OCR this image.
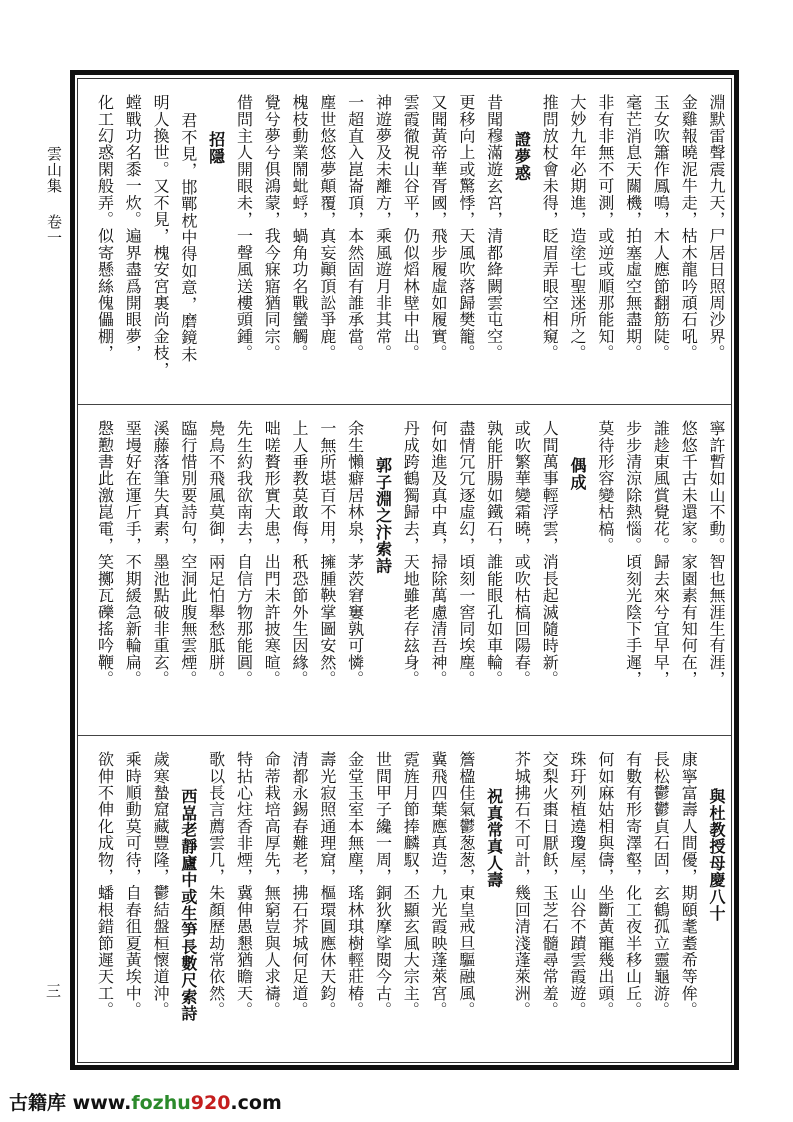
雲山集 卷一
三
淵默雷聲震九天，尸居日照周沙界。
金雞報曉泥牛走，枯木龍吟頑石吼。
玉女吹簫作鳳鳴，木人應節翻筋陡。
毫芒消息天關機，拍塞虛空無盡期。
非有非無不可測，或逆或順那能知。
大妙九年必期進，造塗七聖迷所之。
推問放杖會未得，眨眉弄眼空相窺。
證夢惑
昔聞穆滿遊玄宮，清都絳闕雲屯空。
更移向上或驚悸，天風吹落歸樊籠。
又聞黃帝華胥國，飛步履虛如履實。
雲霞徹視山谷平，仍似熖林壁中出。
神遊夢及未離方，乘風遊月非其常。
一超直入崑崙頂，本然固有誰承當。
塵世悠悠夢顛覆，真妄顚頂訟爭鹿。
槐枝動業鬧蚍蜉，蝸角功名戰蠻觸。
覺兮夢兮俱鴻蒙，我今寐寤猶同宗。
借問主人開眼未，一聲風送樓頭鍾。
招隱
君不見，邯鄲枕中得如意，磨鏡未
明人換世。又不見，槐安宮裏尚金枝，
螳戰功名黍一炊。遍界盡爲開眼夢，
化工幻惑閑般弄。似寄懸絲傀儡棚，
寧許暫如山不動。智也無涯生有涯，
悠悠千古未還家。家園素有知何在，
誰趁東風賞覺花。歸去來兮宜早早，
步步清涼除熱惱。頃刻光陰下手遲，
莫待形容變枯槁。
偶成
人間萬事輕浮雲，消長起滅隨時新。
或吹繁華變霜曉，或吹枯槁回陽春。
孰能肝腸如鐵石，誰能眼孔如車輪。
盡情冗冗逐虛幻，頃刻一窖同埃塵。
何如進及真中真，掃除萬慮清吾神。
丹成跨鶴獨歸去，天地雖老存玆身。
郭子淵之汴索詩
余生懶癖居林泉，茅茨窘窶孰可憐。
一無所堪百不用，擁腫鞅掌圖安然。
上人垂教莫敢侮，秖恐節外生因緣。
咄嗟贅形實大患，出門未許披寒暄。
先生約我欲南去，自信方物那能圓。
鳧鳥不飛風莫御，兩足怕舉愁胝胼。
臨行惜別要詩句，空洞此腹無雲煙。
溪藤落筆失真素，墨池點破非重玄。
堊墁好在運斤手，不期緩急新輪扁。
慇懃書此激崑電，笑擲瓦礫搖吟鞭。
與杜教授母慶八十
康寧富壽人間優，期頤耄耋希等侔。
長松鬱鬱貞石固，玄鶴孤立靈龜游。
有數有形寄澤壑，化工夜半移山丘。
何如麻姑相與儔，坐斷黃寵幾出頭。
珠玗列植遶瓊屋，山谷不蹟雲霞遊。
交梨火棗日厭飫，玉芝石髓尋常羞。
芥城拂石不可計，幾回清淺蓬萊洲。
祝真常真人壽
簷楹佳氣鬱葱葱，東皇戒旦驅融風。
冀飛四葉應真造，九光霞映蓬萊宮。
霓旌月節捧麟馭，丕顯玄風大宗主。
世間甲子纔一周，銅狄摩挲閱今古。
金堂玉室本無塵，瑤林琪樹輕莊椿。
壽光寂照通理窟，樞環圓應休天鈞。
清都永錫春難老，拂石芥城何足道。
命蒂栽培高厚先，無窮豈與人求禱。
特拈心炷香非煙，冀伸愚懇猶瞻天。
歌以長言薦雲几，朱顏歷劫常依然。
西嵓老靜廬中或生笋長數尺索詩
歲寒蟄窟藏豐隆，鬱結盤桓懷道沖。
乘時順動莫可待，自春徂夏黃埃中。
欲伸不伸化成物，蟠根錯節遲天工。
古籍库 www.fozhu920.com
